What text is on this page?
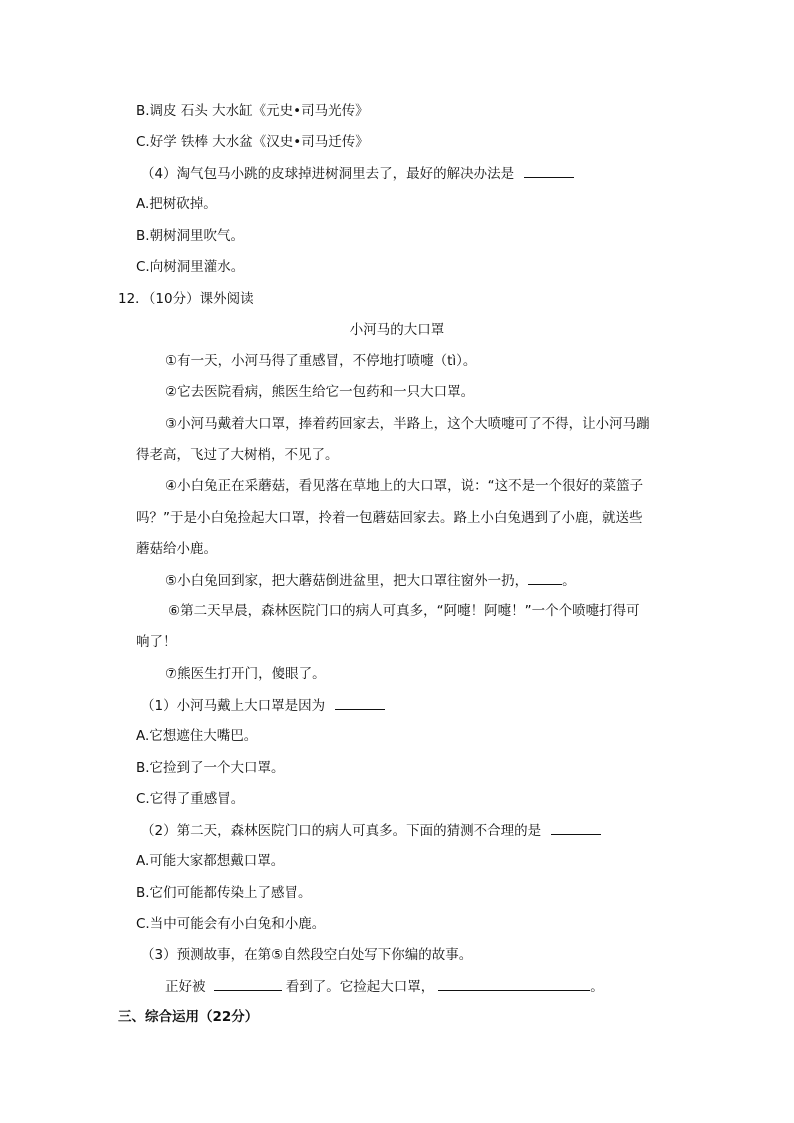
B.调皮 石头 大水缸《元史•司马光传》
C.好学 铁棒 大水盆《汉史•司马迁传》
（4）淘气包马小跳的皮球掉进树洞里去了，最好的解决办法是
A.把树砍掉。
B.朝树洞里吹气。
C.向树洞里灌水。
12．（10分）课外阅读
小河马的大口罩
①有一天，小河马得了重感冒，不停地打喷嚏（tì）。
②它去医院看病，熊医生给它一包药和一只大口罩。
③小河马戴着大口罩，捧着药回家去，半路上，这个大喷嚏可了不得，让小河马蹦
得老高，飞过了大树梢，不见了。
④小白兔正在采蘑菇，看见落在草地上的大口罩，说：“这不是一个很好的菜篮子
吗？”于是小白兔捡起大口罩，拎着一包蘑菇回家去。路上小白兔遇到了小鹿，就送些
蘑菇给小鹿。
⑤小白兔回到家，把大蘑菇倒进盆里，把大口罩往窗外一扔，	。
⑥第二天早晨，森林医院门口的病人可真多，“阿嚏！阿嚏！”一个个喷嚏打得可
响了！
⑦熊医生打开门，傻眼了。
（1）小河马戴上大口罩是因为
A.它想遮住大嘴巴。
B.它捡到了一个大口罩。
C.它得了重感冒。
（2）第二天，森林医院门口的病人可真多。下面的猜测不合理的是
A.可能大家都想戴口罩。
B.它们可能都传染上了感冒。
C.当中可能会有小白兔和小鹿。
（3）预测故事，在第⑤自然段空白处写下你编的故事。
正好被	看到了。它捡起大口罩，	。
三、综合运用（22分）
